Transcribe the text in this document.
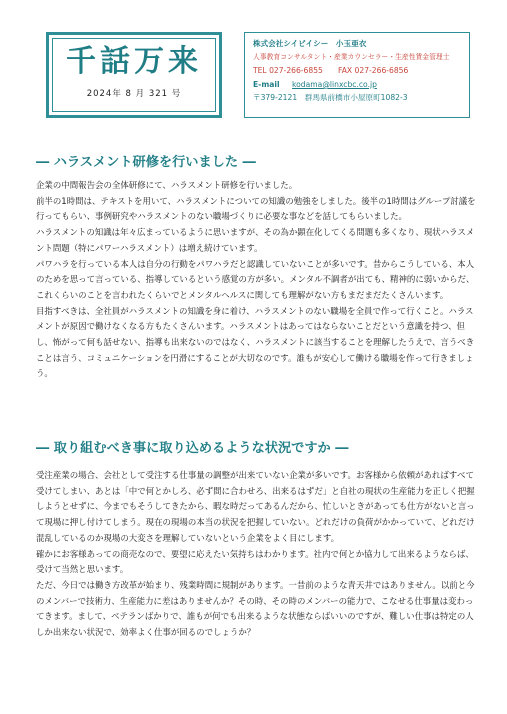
千話万来
2024年 8 月 321 号
株式会社シイビイシー　小玉亜衣
人事教育コンサルタント・産業カウンセラー・生産性賃金管理士
TEL 027-266-6855　　FAX 027-266-6856
E-mail kodama@linxcbc.co.jp
〒379-2121　群馬県前橋市小屋原町1082-3
― ハラスメント研修を行いました ―

企業の中間報告会の全体研修にて、ハラスメント研修を行いました。

前半の1時間は、テキストを用いて、ハラスメントについての知識の勉強をしました。後半の1時間はグループ討議を行ってもらい、事例研究やハラスメントのない職場づくりに必要な事などを話してもらいました。

ハラスメントの知識は年々広まっているように思いますが、その為か顕在化してくる問題も多くなり、現状ハラスメント問題（特にパワーハラスメント）は増え続けています。

パワハラを行っている本人は自分の行動をパワハラだと認識していないことが多いです。昔からこうしている、本人のためを思って言っている、指導しているという感覚の方が多い。メンタル不調者が出ても、精神的に弱いからだ、これくらいのことを言われたくらいでとメンタルヘルスに関しても理解がない方もまだまだたくさんいます。

目指すべきは、全社員がハラスメントの知識を身に着け、ハラスメントのない職場を全員で作って行くこと。ハラスメントが原因で働けなくなる方もたくさんいます。ハラスメントはあってはならないことだという意識を持つ、但し、怖がって何も話せない、指導も出来ないのではなく、ハラスメントに該当することを理解したうえで、言うべきことは言う、コミュニケーションを円滑にすることが大切なのです。誰もが安心して働ける職場を作って行きましょう。

― 取り組むべき事に取り込めるような状況ですか ―

受注産業の場合、会社として受注する仕事量の調整が出来ていない企業が多いです。お客様から依頼があればすべて受けてしまい、あとは「中で何とかしろ、必ず間に合わせろ、出来るはずだ」と自社の現状の生産能力を正しく把握しようとせずに、今までもそうしてきたから、暇な時だってあるんだから、忙しいときがあっても仕方がないと言って現場に押し付けてしまう。現在の現場の本当の状況を把握していない。どれだけの負荷がかかっていて、どれだけ混乱しているのか現場の大変さを理解していないという企業をよく目にします。

確かにお客様あっての商売なので、要望に応えたい気持ちはわかります。社内で何とか協力して出来るようならば、受けて当然と思います。

ただ、今日では働き方改革が始まり、残業時間に規制があります。一昔前のような青天井ではありません。以前と今のメンバーで技術力、生産能力に差はありませんか？その時、その時のメンバーの能力で、こなせる仕事量は変わってきます。まして、ベテランばかりで、誰もが何でも出来るような状態ならばいいのですが、難しい仕事は特定の人しか出来ない状況で、効率よく仕事が回るのでしょうか？
